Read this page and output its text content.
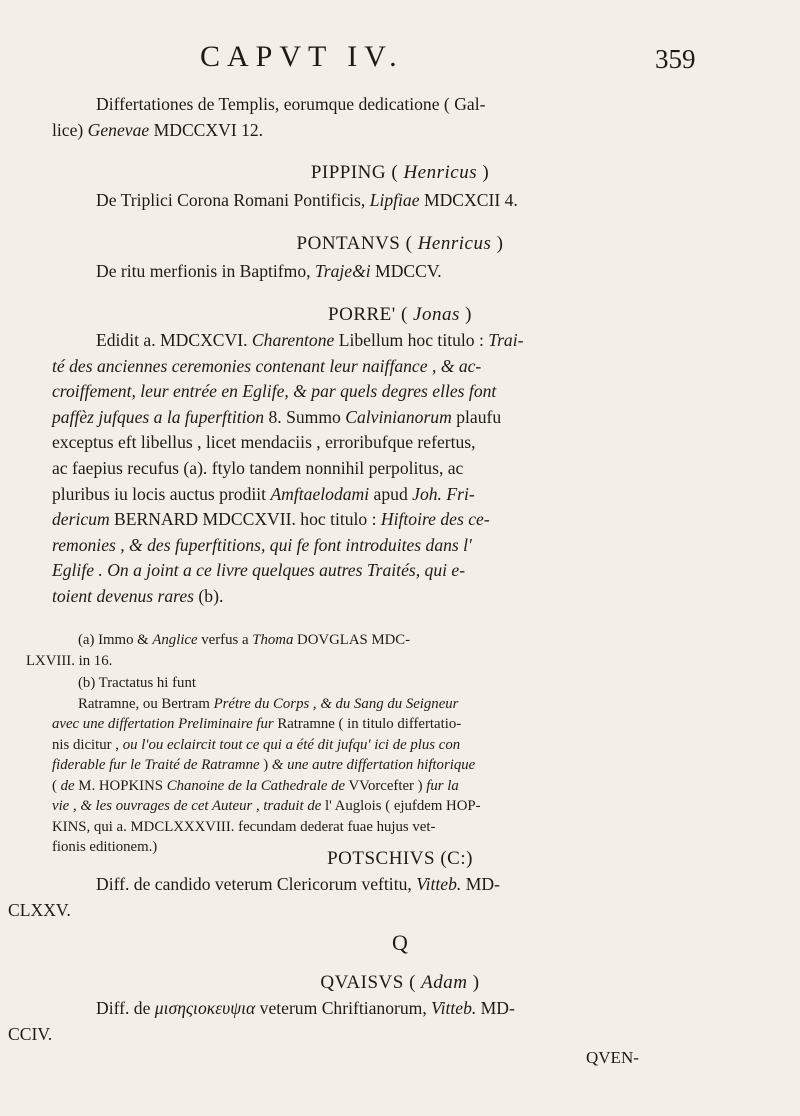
CAPVT IV.	359
Differtationes de Templis, eorumque dedicatione ( Gal-
lice) Genevae MDCCXVI 12.
PIPPING ( Henricus )
De Triplici Corona Romani Pontificis, Lipfiae MDCXCII 4.
PONTANVS ( Henricus )
De ritu merfionis in Baptifmo, Traje&i MDCCV.
PORRE' ( Jonas )
Edidit a. MDCXCVI. Charentone Libellum hoc titulo : Trai-
té des anciennes ceremonies contenant leur naiffance , & ac-
croiffement, leur entrée en Eglife, & par quels degres elles font
paffèz jufques a la fuperftition 8. Summo Calvinianorum plaufu
exceptus eft libellus , licet mendaciis , erroribufque refertus,
ac faepius recufus (a). ftylo tandem nonnihil perpolitus, ac
pluribus iu locis auctus prodiit Amftaelodami apud Joh. Fri-
dericum BERNARD MDCCXVII. hoc titulo : Hiftoire des ce-
remonies , & des fuperftitions, qui fe font introduites dans l'
Eglife . On a joint a ce livre quelques autres Traités, qui e-
toient devenus rares (b).
(a) Immo & Anglice verfus a Thoma DOVGLAS MDC-
LXVIII. in 16.
(b) Tractatus hi funt
Ratramne, ou Bertram Prétre du Corps , & du Sang du Seigneur
avec une differtation Preliminaire fur Ratramne ( in titulo differtatio-
nis dicitur , ou l'ou eclaircit tout ce qui a été dit jufqu' ici de plus con
fiderable fur le Traité de Ratramne ) & une autre differtation hiftorique
( de M. HOPKINS Chanoine de la Cathedrale de VVorcefter ) fur la
vie , & les ouvrages de cet Auteur , traduit de l' Auglois ( ejufdem HOP-
KINS, qui a. MDCLXXXVIII. fecundam dederat fuae hujus vet-
fionis editionem.)
POTSCHIVS (C:)
Diff. de candido veterum Clericorum veftitu, Vitteb. MD-
CLXXV.
Q
QVAISVS ( Adam )
Diff. de μισηςιοκευψια veterum Chriftianorum, Vitteb. MD-
CCIV.
QVEN-
